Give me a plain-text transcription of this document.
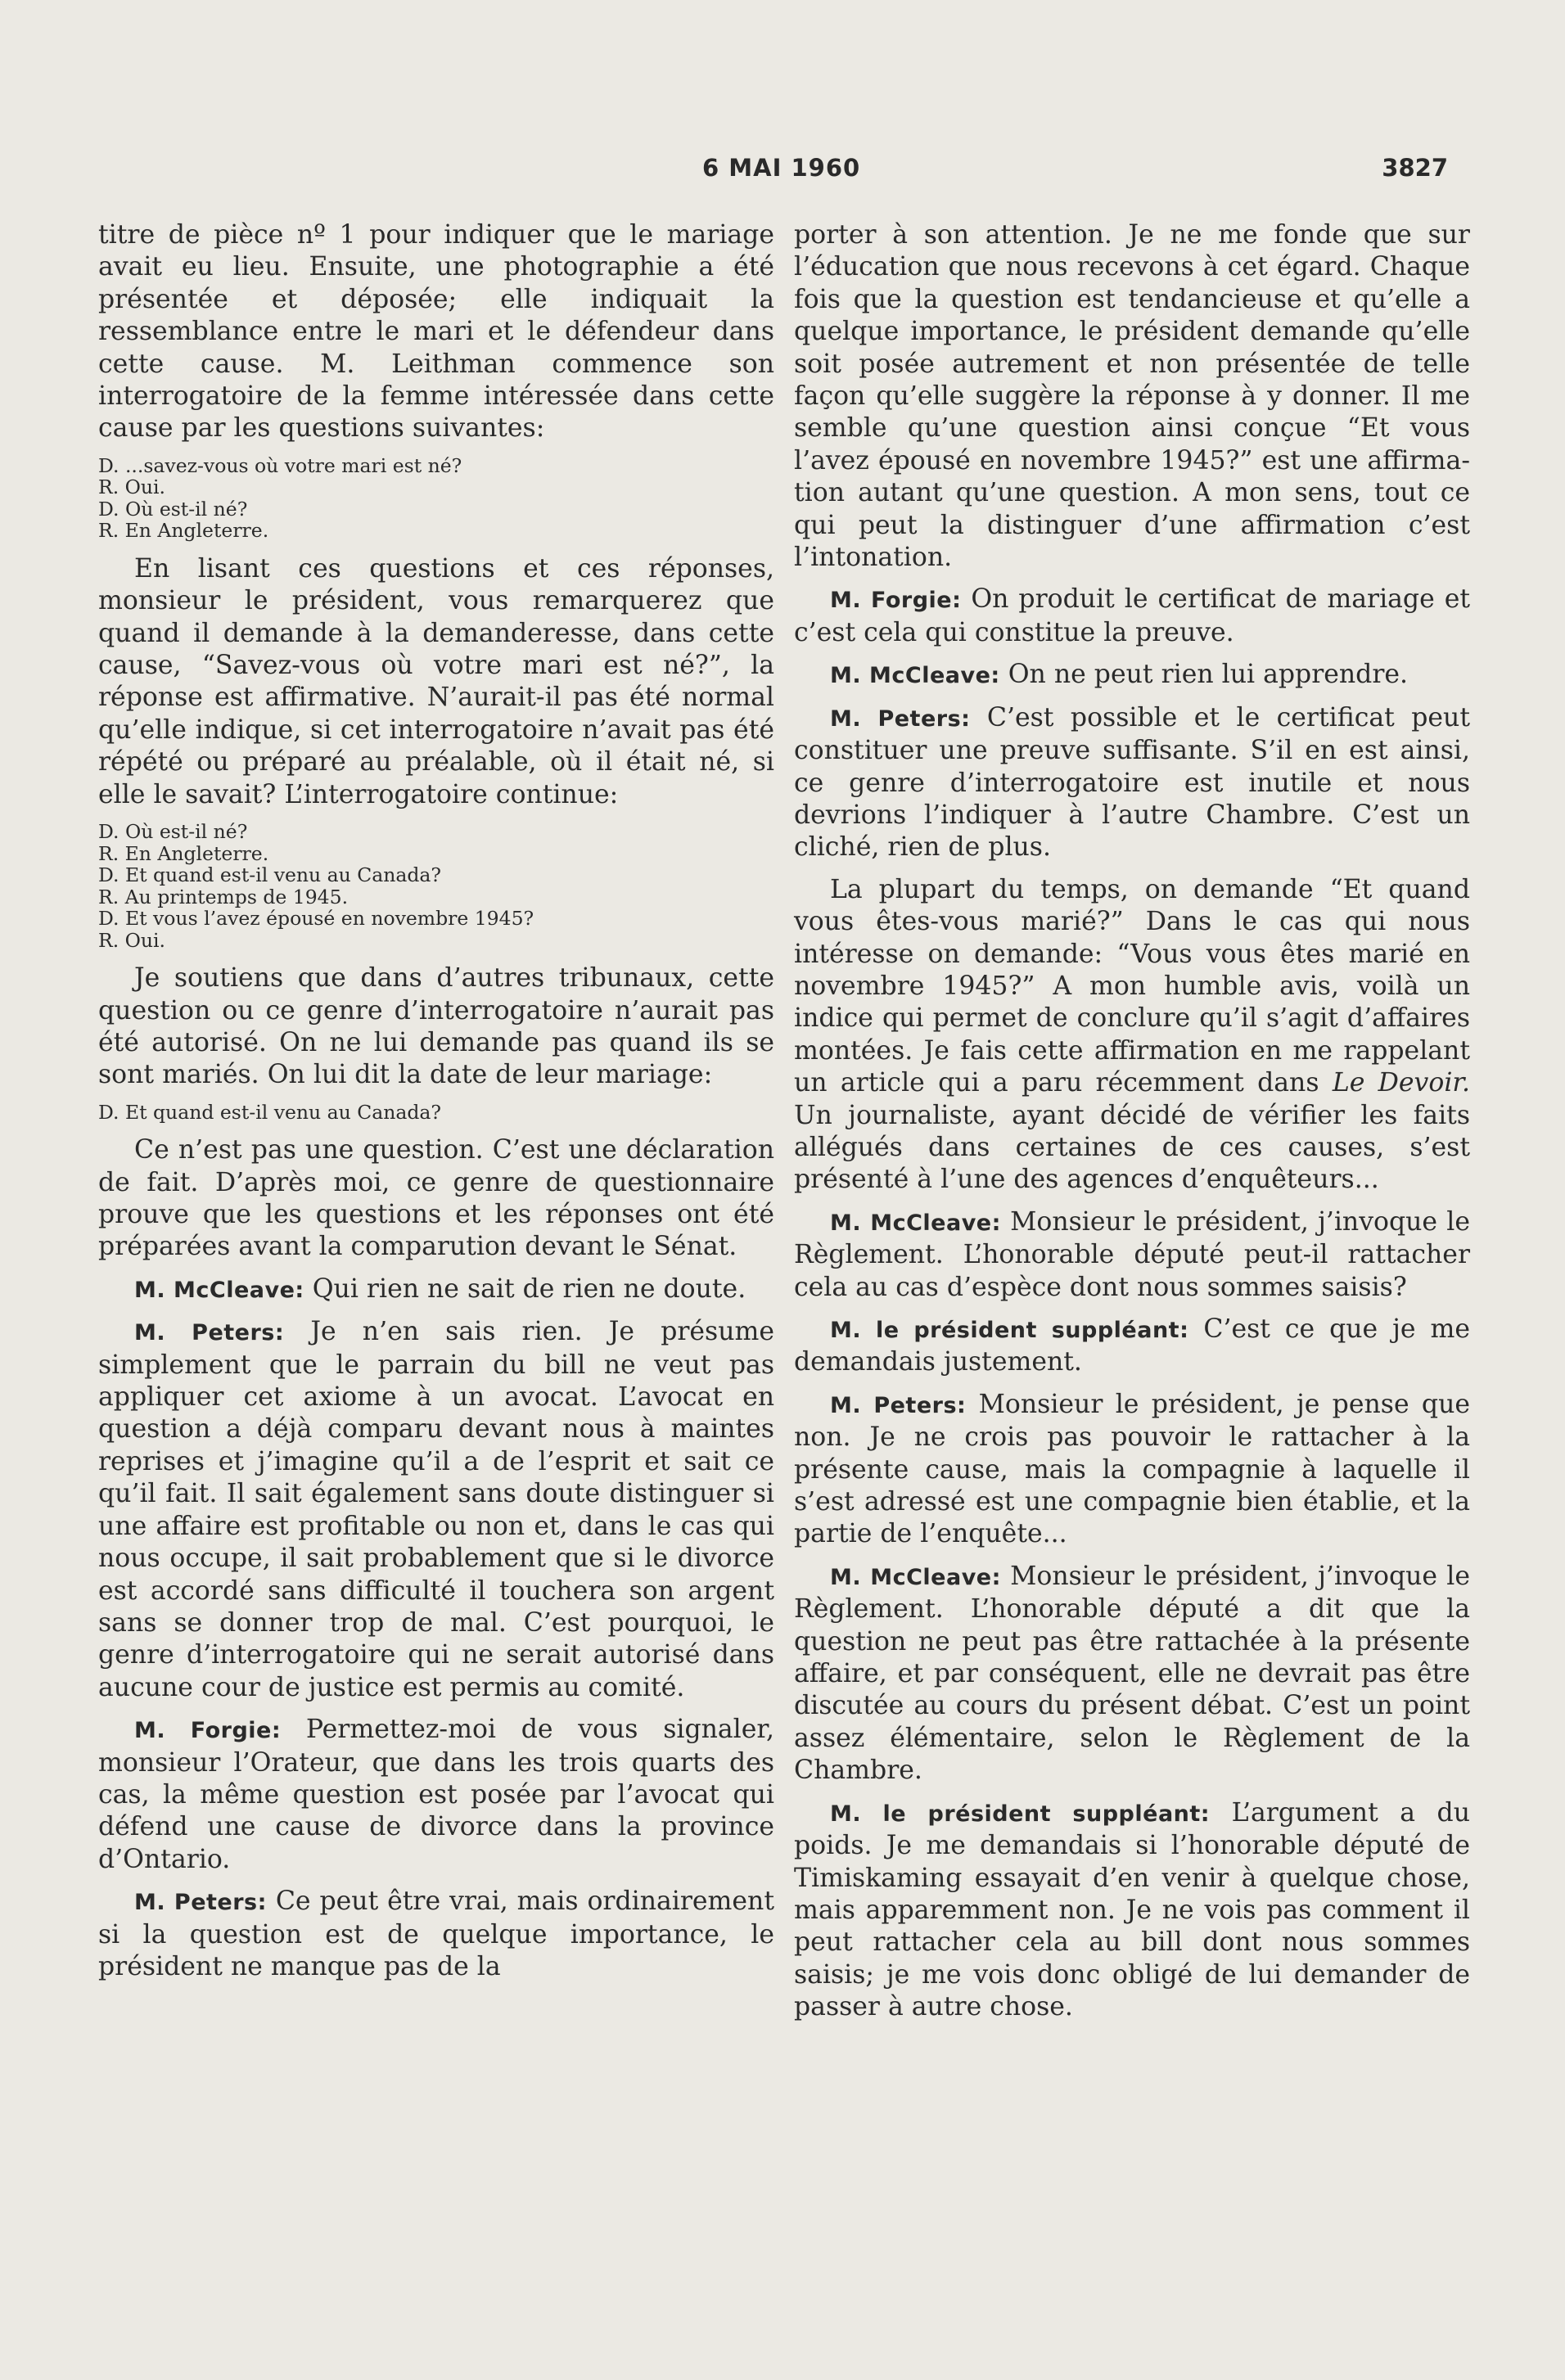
6 MAI 1960	3827

titre de pièce nº 1 pour indiquer que le mariage avait eu lieu. Ensuite, une photographie a été présentée et déposée; elle indiquait la ressemblance entre le mari et le défendeur dans cette cause. M. Leithman commence son interrogatoire de la femme intéressée dans cette cause par les questions suivantes:

D. ...savez-vous où votre mari est né?
R. Oui.
D. Où est-il né?
R. En Angleterre.

En lisant ces questions et ces réponses, monsieur le président, vous remarquerez que quand il demande à la demanderesse, dans cette cause, “Savez-vous où votre mari est né?”, la réponse est affirmative. N’aurait-il pas été normal qu’elle indique, si cet interrogatoire n’avait pas été répété ou préparé au préalable, où il était né, si elle le savait? L’interrogatoire continue:

D. Où est-il né?
R. En Angleterre.
D. Et quand est-il venu au Canada?
R. Au printemps de 1945.
D. Et vous l’avez épousé en novembre 1945?
R. Oui.

Je soutiens que dans d’autres tribunaux, cette question ou ce genre d’interrogatoire n’aurait pas été autorisé. On ne lui demande pas quand ils se sont mariés. On lui dit la date de leur mariage:

D. Et quand est-il venu au Canada?

Ce n’est pas une question. C’est une déclaration de fait. D’après moi, ce genre de questionnaire prouve que les questions et les réponses ont été préparées avant la comparution devant le Sénat.

M. McCleave: Qui rien ne sait de rien ne doute.

M. Peters: Je n’en sais rien. Je présume simplement que le parrain du bill ne veut pas appliquer cet axiome à un avocat. L’avocat en question a déjà comparu devant nous à maintes reprises et j’imagine qu’il a de l’esprit et sait ce qu’il fait. Il sait également sans doute distinguer si une affaire est profitable ou non et, dans le cas qui nous occupe, il sait probablement que si le divorce est accordé sans difficulté il touchera son argent sans se donner trop de mal. C’est pourquoi, le genre d’interrogatoire qui ne serait autorisé dans aucune cour de justice est permis au comité.

M. Forgie: Permettez-moi de vous signaler, monsieur l’Orateur, que dans les trois quarts des cas, la même question est posée par l’avocat qui défend une cause de divorce dans la province d’Ontario.

M. Peters: Ce peut être vrai, mais ordinairement si la question est de quelque importance, le président ne manque pas de la

porter à son attention. Je ne me fonde que sur l’éducation que nous recevons à cet égard. Chaque fois que la question est tendancieuse et qu’elle a quelque importance, le président demande qu’elle soit posée autrement et non présentée de telle façon qu’elle suggère la réponse à y donner. Il me semble qu’une question ainsi conçue “Et vous l’avez épousé en novembre 1945?” est une affirmation autant qu’une question. A mon sens, tout ce qui peut la distinguer d’une affirmation c’est l’intonation.

M. Forgie: On produit le certificat de mariage et c’est cela qui constitue la preuve.

M. McCleave: On ne peut rien lui apprendre.

M. Peters: C’est possible et le certificat peut constituer une preuve suffisante. S’il en est ainsi, ce genre d’interrogatoire est inutile et nous devrions l’indiquer à l’autre Chambre. C’est un cliché, rien de plus.

La plupart du temps, on demande “Et quand vous êtes-vous marié?” Dans le cas qui nous intéresse on demande: “Vous vous êtes marié en novembre 1945?” A mon humble avis, voilà un indice qui permet de conclure qu’il s’agit d’affaires montées. Je fais cette affirmation en me rappelant un article qui a paru récemment dans Le Devoir. Un journaliste, ayant décidé de vérifier les faits allégués dans certaines de ces causes, s’est présenté à l’une des agences d’enquêteurs...

M. McCleave: Monsieur le président, j’invoque le Règlement. L’honorable député peut-il rattacher cela au cas d’espèce dont nous sommes saisis?

M. le président suppléant: C’est ce que je me demandais justement.

M. Peters: Monsieur le président, je pense que non. Je ne crois pas pouvoir le rattacher à la présente cause, mais la compagnie à laquelle il s’est adressé est une compagnie bien établie, et la partie de l’enquête...

M. McCleave: Monsieur le président, j’invoque le Règlement. L’honorable député a dit que la question ne peut pas être rattachée à la présente affaire, et par conséquent, elle ne devrait pas être discutée au cours du présent débat. C’est un point assez élémentaire, selon le Règlement de la Chambre.

M. le président suppléant: L’argument a du poids. Je me demandais si l’honorable député de Timiskaming essayait d’en venir à quelque chose, mais apparemment non. Je ne vois pas comment il peut rattacher cela au bill dont nous sommes saisis; je me vois donc obligé de lui demander de passer à autre chose.
